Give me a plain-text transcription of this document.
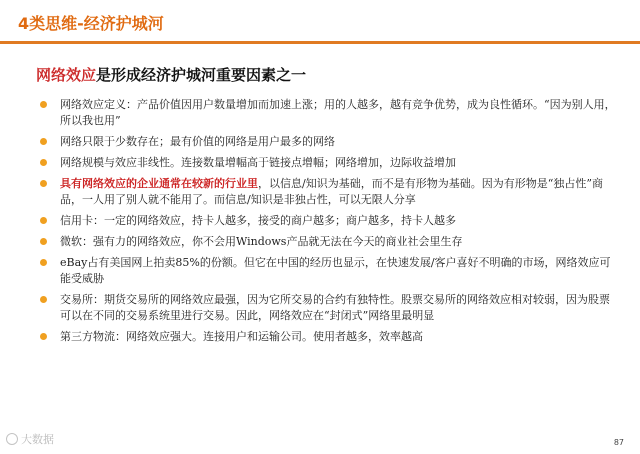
4类思维-经济护城河
网络效应是形成经济护城河重要因素之一
网络效应定义：产品价值因用户数量增加而加速上涨；用的人越多，越有竞争优势，成为良性循环。“因为别人用，所以我也用”
网络只限于少数存在；最有价值的网络是用户最多的网络
网络规模与效应非线性。连接数量增幅高于链接点增幅；网络增加，边际收益增加
具有网络效应的企业通常在较新的行业里，以信息/知识为基础，而不是有形物为基础。因为有形物是“独占性”商品，一人用了别人就不能用了。而信息/知识是非独占性，可以无限人分享
信用卡：一定的网络效应，持卡人越多，接受的商户越多；商户越多，持卡人越多
微软：强有力的网络效应，你不会用Windows产品就无法在今天的商业社会里生存
eBay占有美国网上拍卖85%的份额。但它在中国的经历也显示，在快速发展/客户喜好不明确的市场，网络效应可能受威胁
交易所：期货交易所的网络效应最强，因为它所交易的合约有独特性。股票交易所的网络效应相对较弱，因为股票可以在不同的交易系统里进行交易。因此，网络效应在“封闭式”网络里最明显
第三方物流：网络效应强大。连接用户和运输公司。使用者越多，效率越高
大数据	87
